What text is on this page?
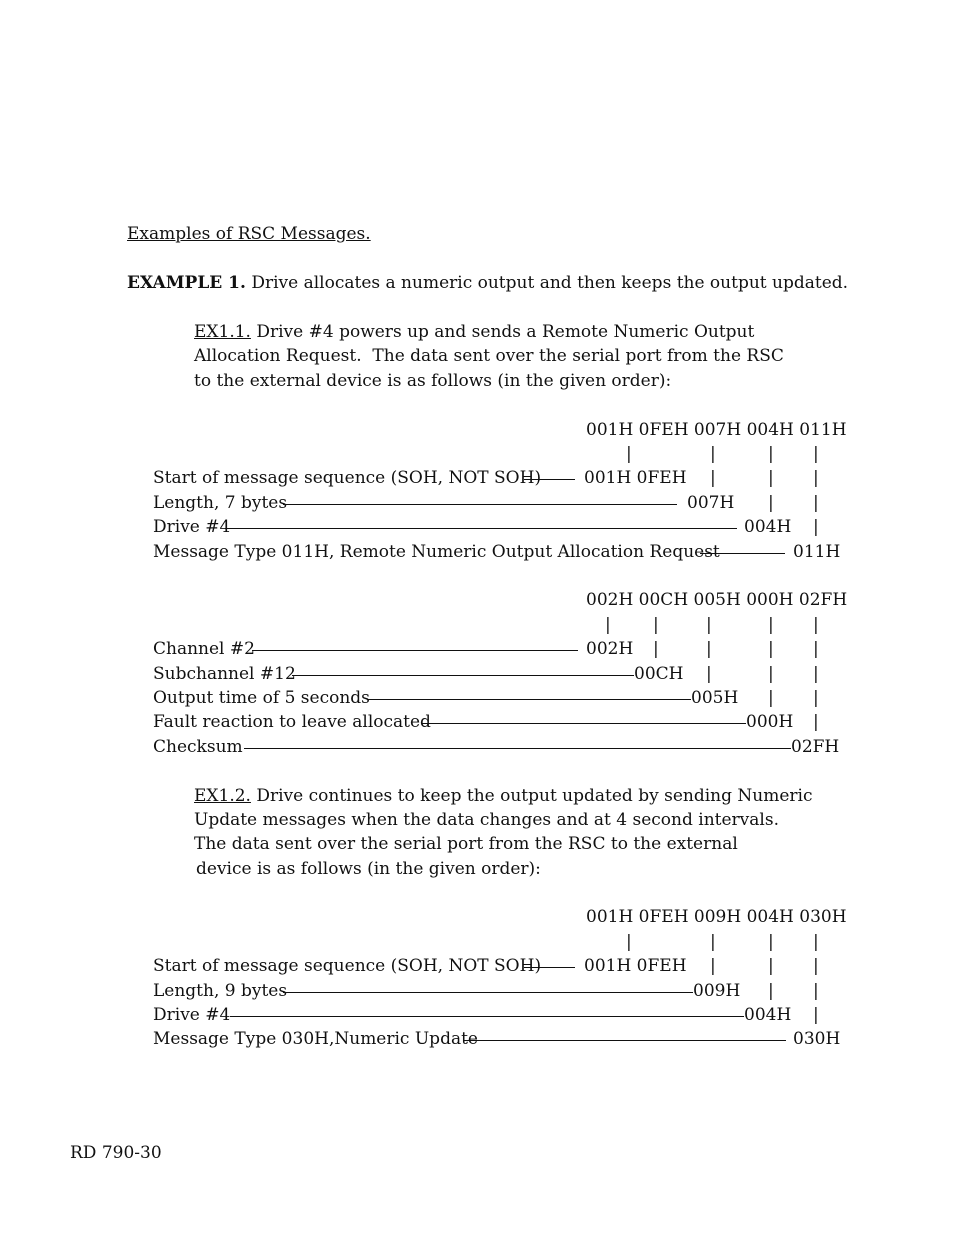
Examples of RSC Messages.
EXAMPLE 1. Drive allocates a numeric output and then keeps the output updated.
EX1.1. Drive #4 powers up and sends a Remote Numeric Output
Allocation Request.  The data sent over the serial port from the RSC
to the external device is as follows (in the given order):
001H 0FEH 007H 004H 011H
|	|	| |
Start of message sequence (SOH, NOT SOH)	001H 0FEH |	| |
Length, 7 bytes	007H | |
Drive #4	004H |
Message Type 011H, Remote Numeric Output Allocation Request	011H
002H 00CH 005H 000H 02FH
| |	|	| |
Channel #2	002H |	|	| |
Subchannel #12	00CH |	| |
Output time of 5 seconds	005H | |
Fault reaction to leave allocated	000H |
Checksum	02FH
EX1.2. Drive continues to keep the output updated by sending Numeric
Update messages when the data changes and at 4 second intervals.
The data sent over the serial port from the RSC to the external
device is as follows (in the given order):
001H 0FEH 009H 004H 030H
|	|	| |
Start of message sequence (SOH, NOT SOH)	001H 0FEH |	| |
Length, 9 bytes	009H | |
Drive #4	004H |
Message Type 030H,Numeric Update	030H
RD 790-30
